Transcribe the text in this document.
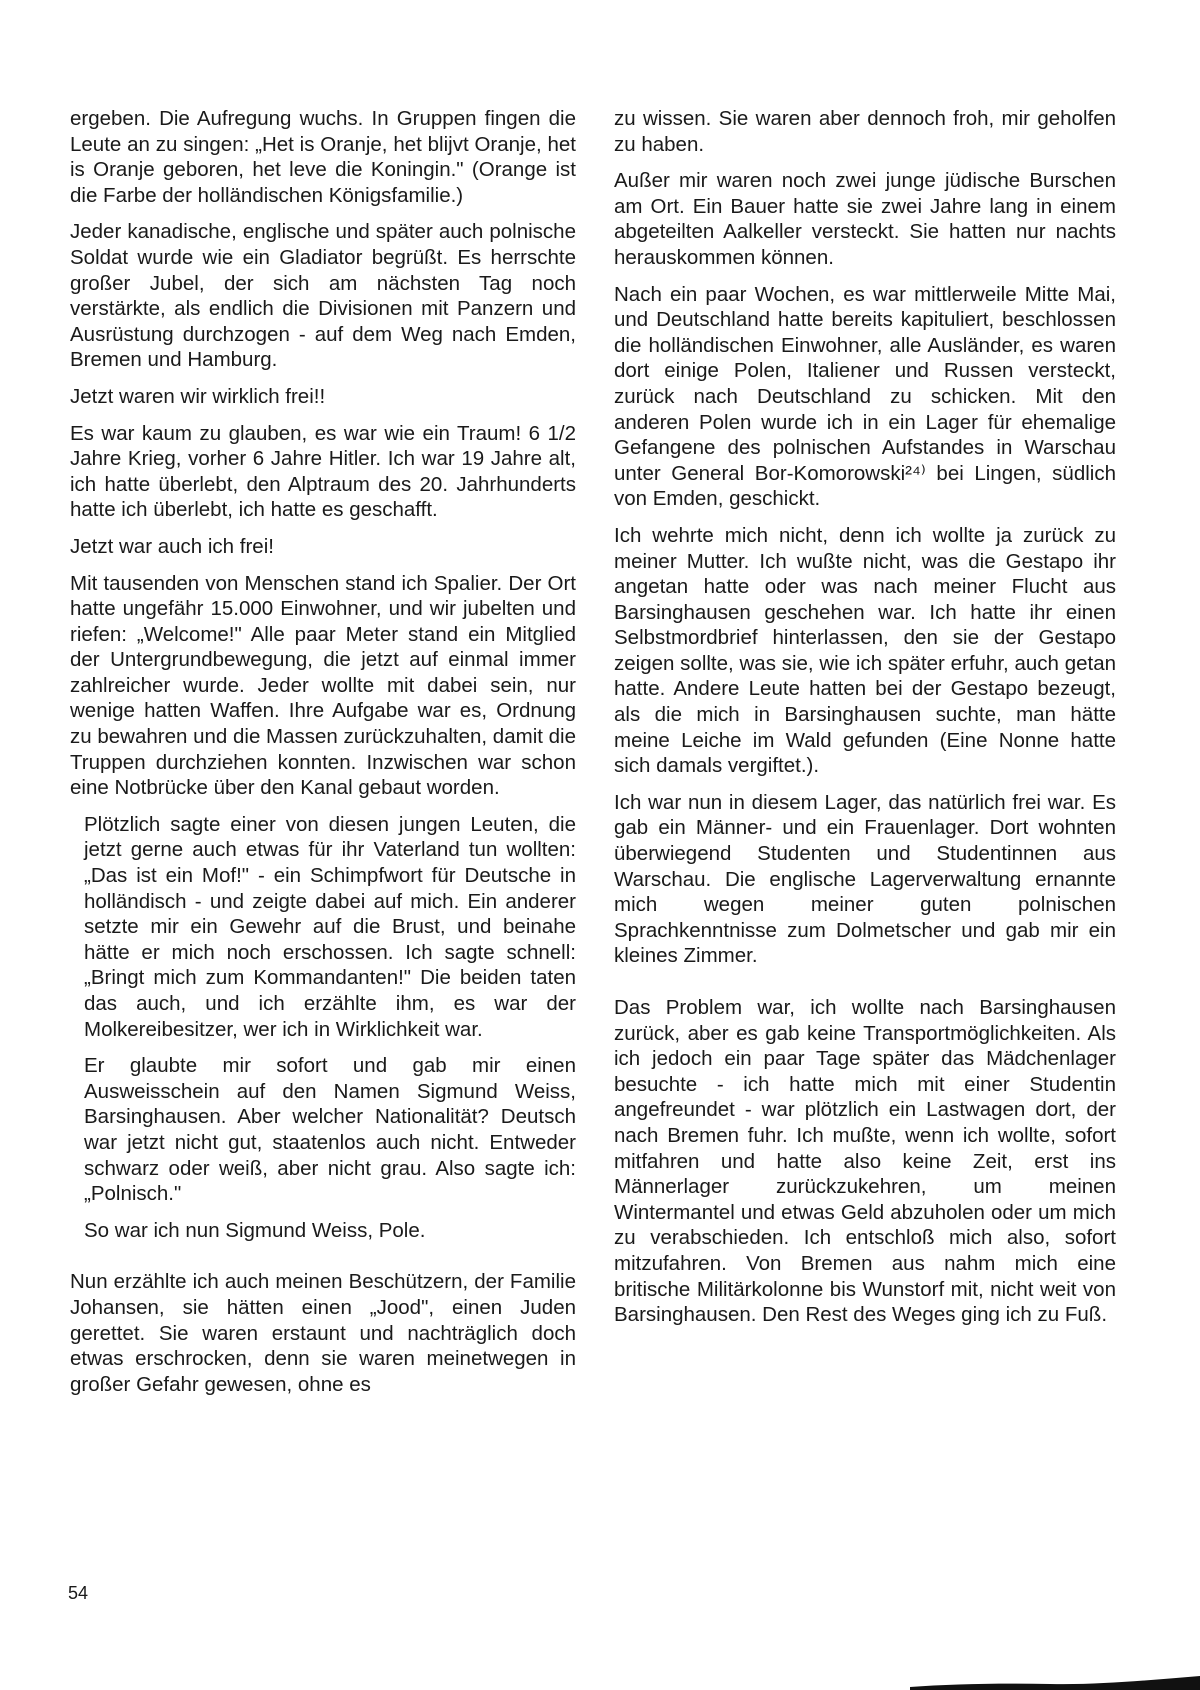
ergeben. Die Aufregung wuchs. In Gruppen fingen die Leute an zu singen: „Het is Oranje, het blijvt Oranje, het is Oranje geboren, het leve die Koningin." (Orange ist die Farbe der holländischen Königsfamilie.)

Jeder kanadische, englische und später auch polnische Soldat wurde wie ein Gladiator begrüßt. Es herrschte großer Jubel, der sich am nächsten Tag noch verstärkte, als endlich die Divisionen mit Panzern und Ausrüstung durchzogen - auf dem Weg nach Emden, Bremen und Hamburg.

Jetzt waren wir wirklich frei!!

Es war kaum zu glauben, es war wie ein Traum! 6 1/2 Jahre Krieg, vorher 6 Jahre Hitler. Ich war 19 Jahre alt, ich hatte überlebt, den Alptraum des 20. Jahrhunderts hatte ich überlebt, ich hatte es geschafft.

Jetzt war auch ich frei!

Mit tausenden von Menschen stand ich Spalier. Der Ort hatte ungefähr 15.000 Einwohner, und wir jubelten und riefen: „Welcome!" Alle paar Meter stand ein Mitglied der Untergrundbewegung, die jetzt auf einmal immer zahlreicher wurde. Jeder wollte mit dabei sein, nur wenige hatten Waffen. Ihre Aufgabe war es, Ordnung zu bewahren und die Massen zurückzuhalten, damit die Truppen durchziehen konnten. Inzwischen war schon eine Notbrücke über den Kanal gebaut worden.

Plötzlich sagte einer von diesen jungen Leuten, die jetzt gerne auch etwas für ihr Vaterland tun wollten: „Das ist ein Mof!" - ein Schimpfwort für Deutsche in holländisch - und zeigte dabei auf mich. Ein anderer setzte mir ein Gewehr auf die Brust, und beinahe hätte er mich noch erschossen. Ich sagte schnell: „Bringt mich zum Kommandanten!" Die beiden taten das auch, und ich erzählte ihm, es war der Molkereibesitzer, wer ich in Wirklichkeit war.

Er glaubte mir sofort und gab mir einen Ausweisschein auf den Namen Sigmund Weiss, Barsinghausen. Aber welcher Nationalität? Deutsch war jetzt nicht gut, staatenlos auch nicht. Entweder schwarz oder weiß, aber nicht grau. Also sagte ich: „Polnisch."

So war ich nun Sigmund Weiss, Pole.

Nun erzählte ich auch meinen Beschützern, der Familie Johansen, sie hätten einen „Jood", einen Juden gerettet. Sie waren erstaunt und nachträglich doch etwas erschrocken, denn sie waren meinetwegen in großer Gefahr gewesen, ohne es

zu wissen. Sie waren aber dennoch froh, mir geholfen zu haben.

Außer mir waren noch zwei junge jüdische Burschen am Ort. Ein Bauer hatte sie zwei Jahre lang in einem abgeteilten Aalkeller versteckt. Sie hatten nur nachts herauskommen können.

Nach ein paar Wochen, es war mittlerweile Mitte Mai, und Deutschland hatte bereits kapituliert, beschlossen die holländischen Einwohner, alle Ausländer, es waren dort einige Polen, Italiener und Russen versteckt, zurück nach Deutschland zu schicken. Mit den anderen Polen wurde ich in ein Lager für ehemalige Gefangene des polnischen Aufstandes in Warschau unter General Bor-Komorowski²⁴⁾ bei Lingen, südlich von Emden, geschickt.

Ich wehrte mich nicht, denn ich wollte ja zurück zu meiner Mutter. Ich wußte nicht, was die Gestapo ihr angetan hatte oder was nach meiner Flucht aus Barsinghausen geschehen war. Ich hatte ihr einen Selbstmordbrief hinterlassen, den sie der Gestapo zeigen sollte, was sie, wie ich später erfuhr, auch getan hatte. Andere Leute hatten bei der Gestapo bezeugt, als die mich in Barsinghausen suchte, man hätte meine Leiche im Wald gefunden (Eine Nonne hatte sich damals vergiftet.).

Ich war nun in diesem Lager, das natürlich frei war. Es gab ein Männer- und ein Frauenlager. Dort wohnten überwiegend Studenten und Studentinnen aus Warschau. Die englische Lagerverwaltung ernannte mich wegen meiner guten polnischen Sprachkenntnisse zum Dolmetscher und gab mir ein kleines Zimmer.

Das Problem war, ich wollte nach Barsinghausen zurück, aber es gab keine Transportmöglichkeiten. Als ich jedoch ein paar Tage später das Mädchenlager besuchte - ich hatte mich mit einer Studentin angefreundet - war plötzlich ein Lastwagen dort, der nach Bremen fuhr. Ich mußte, wenn ich wollte, sofort mitfahren und hatte also keine Zeit, erst ins Männerlager zurückzukehren, um meinen Wintermantel und etwas Geld abzuholen oder um mich zu verabschieden. Ich entschloß mich also, sofort mitzufahren. Von Bremen aus nahm mich eine britische Militärkolonne bis Wunstorf mit, nicht weit von Barsinghausen. Den Rest des Weges ging ich zu Fuß.

54
